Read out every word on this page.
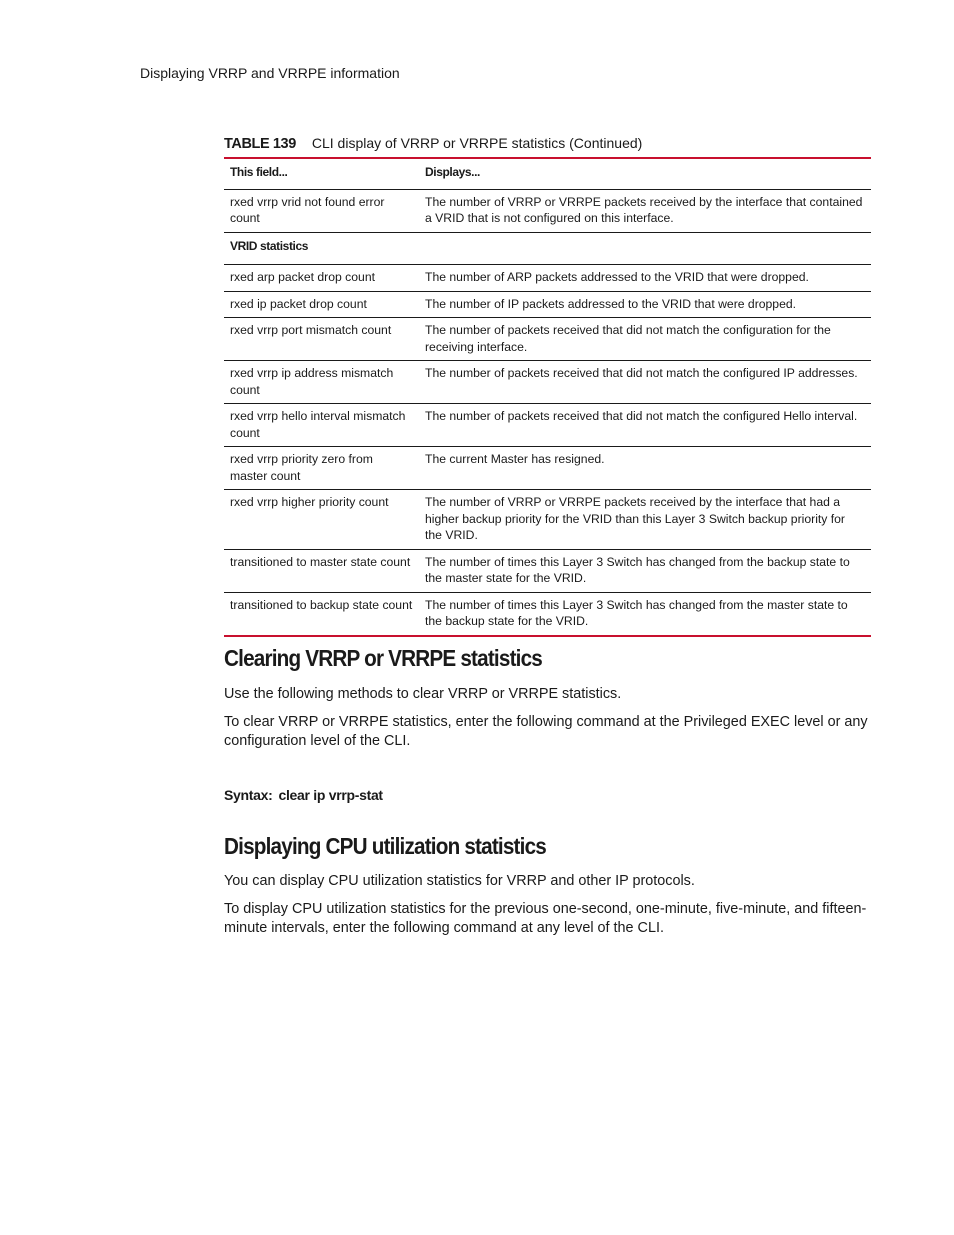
Displaying VRRP and VRRPE information
TABLE 139 CLI display of VRRP or VRRPE statistics (Continued)
This field...	Displays...
rxed vrrp vrid not found error count	The number of VRRP or VRRPE packets received by the interface that contained a VRID that is not configured on this interface.
VRID statistics	
rxed arp packet drop count	The number of ARP packets addressed to the VRID that were dropped.
rxed ip packet drop count	The number of IP packets addressed to the VRID that were dropped.
rxed vrrp port mismatch count	The number of packets received that did not match the configuration for the receiving interface.
rxed vrrp ip address mismatch count	The number of packets received that did not match the configured IP addresses.
rxed vrrp hello interval mismatch count	The number of packets received that did not match the configured Hello interval.
rxed vrrp priority zero from master count	The current Master has resigned.
rxed vrrp higher priority count	The number of VRRP or VRRPE packets received by the interface that had a higher backup priority for the VRID than this Layer 3 Switch backup priority for the VRID.
transitioned to master state count	The number of times this Layer 3 Switch has changed from the backup state to the master state for the VRID.
transitioned to backup state count	The number of times this Layer 3 Switch has changed from the master state to the backup state for the VRID.
Clearing VRRP or VRRPE statistics

Use the following methods to clear VRRP or VRRPE statistics.

To clear VRRP or VRRPE statistics, enter the following command at the Privileged EXEC level or any configuration level of the CLI.

Syntax: clear ip vrrp-stat
Displaying CPU utilization statistics

You can display CPU utilization statistics for VRRP and other IP protocols.

To display CPU utilization statistics for the previous one-second, one-minute, five-minute, and fifteen-minute intervals, enter the following command at any level of the CLI.
